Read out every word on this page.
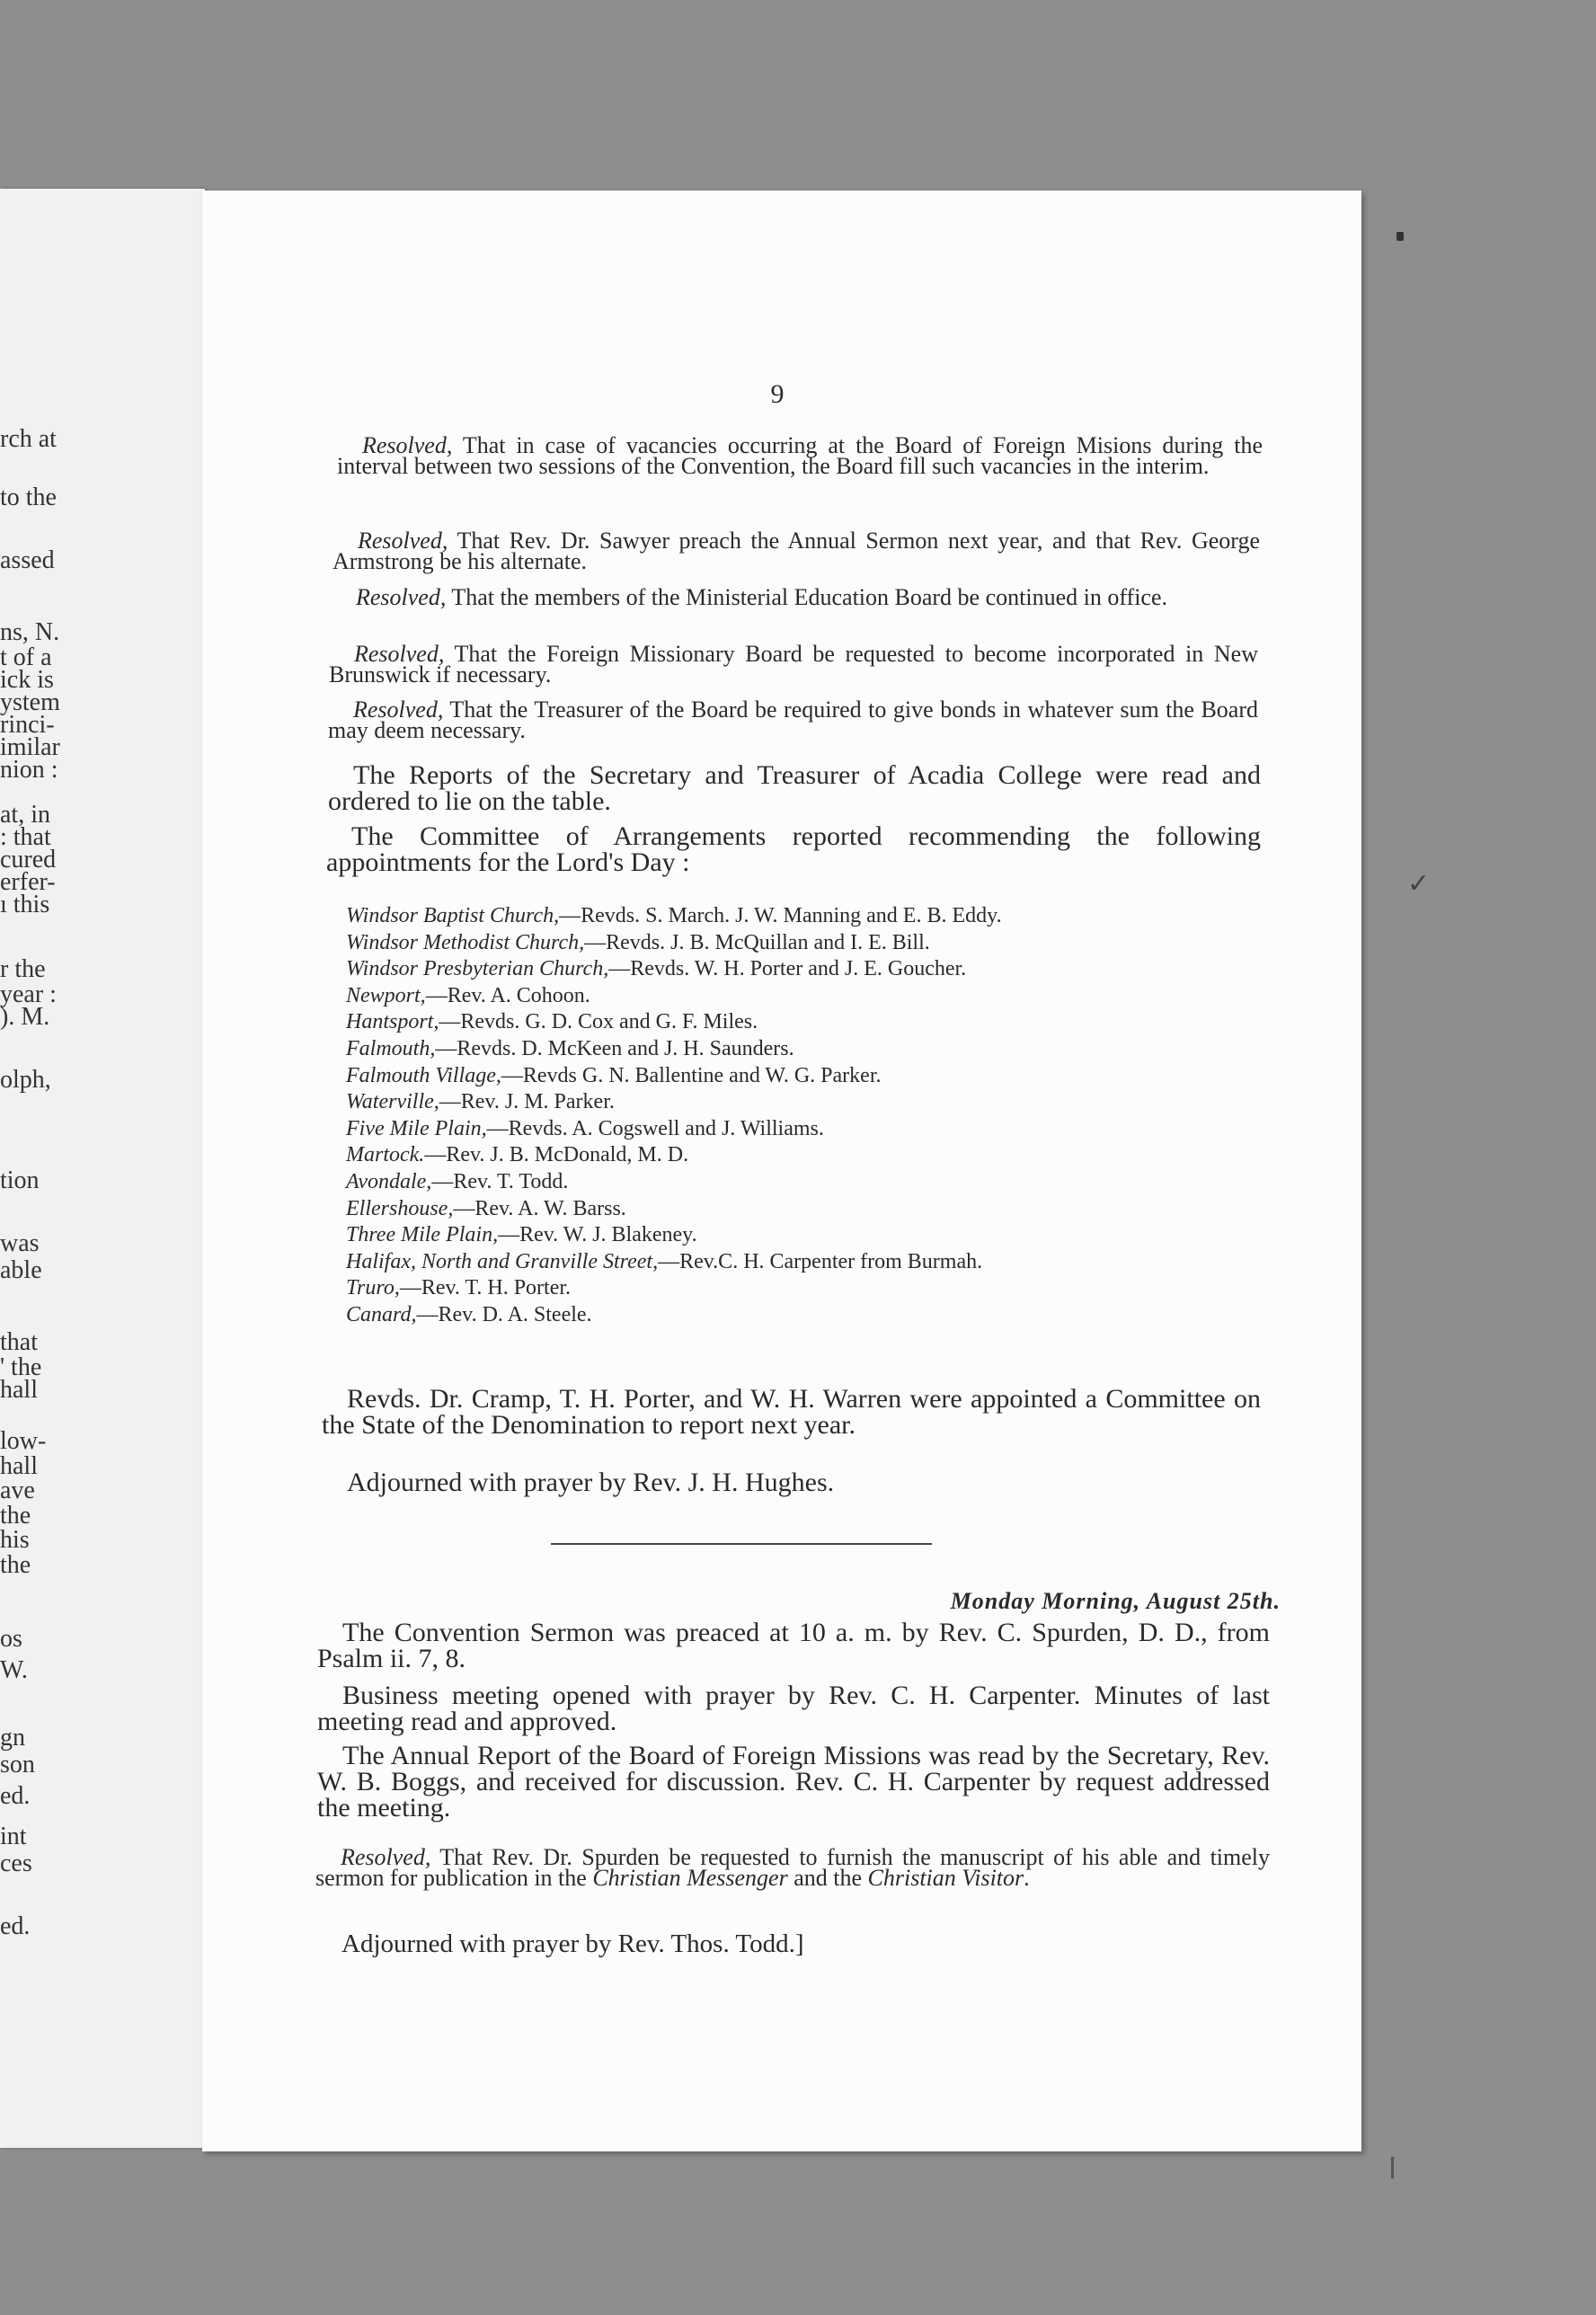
rch at
to the
assed
ns, N.
t of a
ick is
ystem
rinci-
imilar
nion :
at, in
: that
cured
erfer-
ı this
r the
year :
). M.
olph,
tion
was
able
that
' the
hall
low-
hall
ave
the
his
the
os
W.
gn
son
ed.
int
ces
ed.
9

Resolved, That in case of vacancies occurring at the Board of Foreign Misions during the interval between two sessions of the Convention, the Board fill such vacancies in the interim.

Resolved, That Rev. Dr. Sawyer preach the Annual Sermon next year, and that Rev. George Armstrong be his alternate.

Resolved, That the members of the Ministerial Education Board be continued in office.

Resolved, That the Foreign Missionary Board be requested to become incorporated in New Brunswick if necessary.

Resolved, That the Treasurer of the Board be required to give bonds in whatever sum the Board may deem necessary.

The Reports of the Secretary and Treasurer of Acadia College were read and ordered to lie on the table.

The Committee of Arrangements reported recommending the following appointments for the Lord's Day :

Windsor Baptist Church,—Revds. S. March. J. W. Manning and E. B. Eddy.
Windsor Methodist Church,—Revds. J. B. McQuillan and I. E. Bill.
Windsor Presbyterian Church,—Revds. W. H. Porter and J. E. Goucher.
Newport,—Rev. A. Cohoon.
Hantsport,—Revds. G. D. Cox and G. F. Miles.
Falmouth,—Revds. D. McKeen and J. H. Saunders.
Falmouth Village,—Revds G. N. Ballentine and W. G. Parker.
Waterville,—Rev. J. M. Parker.
Five Mile Plain,—Revds. A. Cogswell and J. Williams.
Martock.—Rev. J. B. McDonald, M. D.
Avondale,—Rev. T. Todd.
Ellershouse,—Rev. A. W. Barss.
Three Mile Plain,—Rev. W. J. Blakeney.
Halifax, North and Granville Street,—Rev.C. H. Carpenter from Burmah.
Truro,—Rev. T. H. Porter.
Canard,—Rev. D. A. Steele.

Revds. Dr. Cramp, T. H. Porter, and W. H. Warren were appointed a Committee on the State of the Denomination to report next year.

Adjourned with prayer by Rev. J. H. Hughes.

Monday Morning, August 25th.

The Convention Sermon was preaced at 10 a. m. by Rev. C. Spurden, D. D., from Psalm ii. 7, 8.

Business meeting opened with prayer by Rev. C. H. Carpenter. Minutes of last meeting read and approved.

The Annual Report of the Board of Foreign Missions was read by the Secretary, Rev. W. B. Boggs, and received for discussion. Rev. C. H. Carpenter by request addressed the meeting.

Resolved, That Rev. Dr. Spurden be requested to furnish the manuscript of his able and timely sermon for publication in the Christian Messenger and the Christian Visitor.

Adjourned with prayer by Rev. Thos. Todd.]
✓
